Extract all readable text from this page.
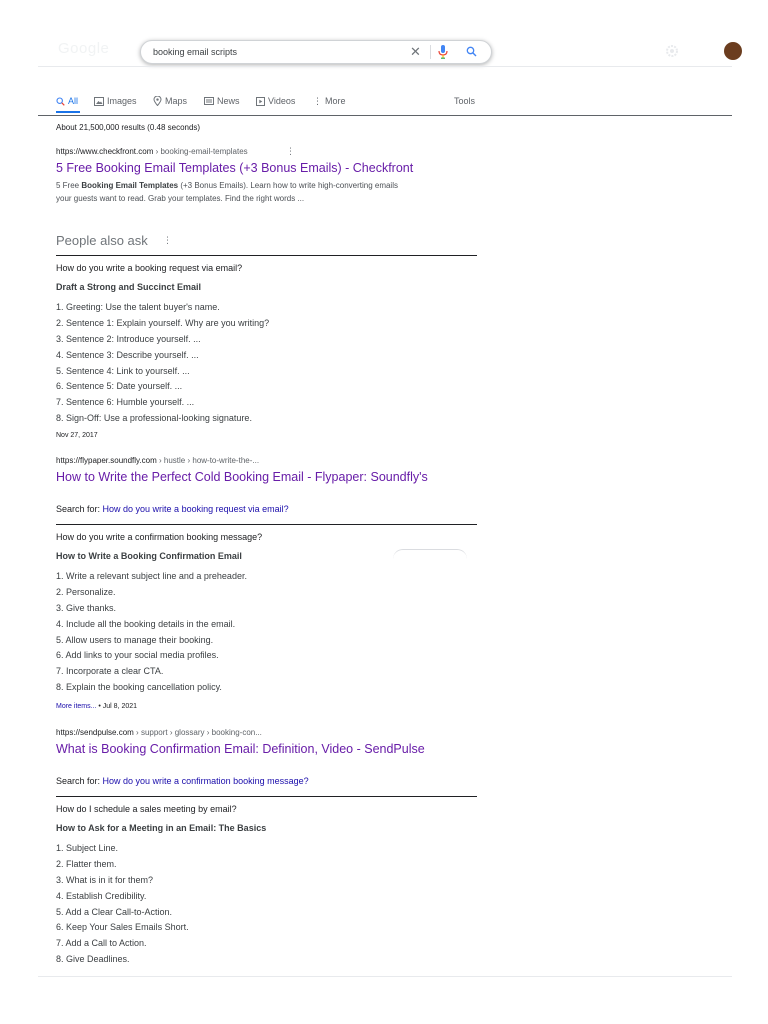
Google
booking email scripts	✕
All	Images	Maps	News	Videos ⋮ More	Tools
About 21,500,000 results (0.48 seconds)
https://www.checkfront.com › booking-email-templates	⋮
5 Free Booking Email Templates (+3 Bonus Emails) - Checkfront
5 Free Booking Email Templates (+3 Bonus Emails). Learn how to write high-converting emails
your guests want to read. Grab your templates. Find the right words ...
People also ask ⋮
How do you write a booking request via email?
Draft a Strong and Succinct Email
1. Greeting: Use the talent buyer's name.
2. Sentence 1: Explain yourself. Why are you writing?
3. Sentence 2: Introduce yourself. ...
4. Sentence 3: Describe yourself. ...
5. Sentence 4: Link to yourself. ...
6. Sentence 5: Date yourself. ...
7. Sentence 6: Humble yourself. ...
8. Sign-Off: Use a professional-looking signature.
Nov 27, 2017
https://flypaper.soundfly.com › hustle › how-to-write-the-...
How to Write the Perfect Cold Booking Email - Flypaper: Soundfly's
Search for: How do you write a booking request via email?
How do you write a confirmation booking message?
How to Write a Booking Confirmation Email
1. Write a relevant subject line and a preheader.
2. Personalize.
3. Give thanks.
4. Include all the booking details in the email.
5. Allow users to manage their booking.
6. Add links to your social media profiles.
7. Incorporate a clear CTA.
8. Explain the booking cancellation policy.
More items... • Jul 8, 2021
https://sendpulse.com › support › glossary › booking-con...
What is Booking Confirmation Email: Definition, Video - SendPulse
Search for: How do you write a confirmation booking message?
How do I schedule a sales meeting by email?
How to Ask for a Meeting in an Email: The Basics
1. Subject Line.
2. Flatter them.
3. What is in it for them?
4. Establish Credibility.
5. Add a Clear Call-to-Action.
6. Keep Your Sales Emails Short.
7. Add a Call to Action.
8. Give Deadlines.
